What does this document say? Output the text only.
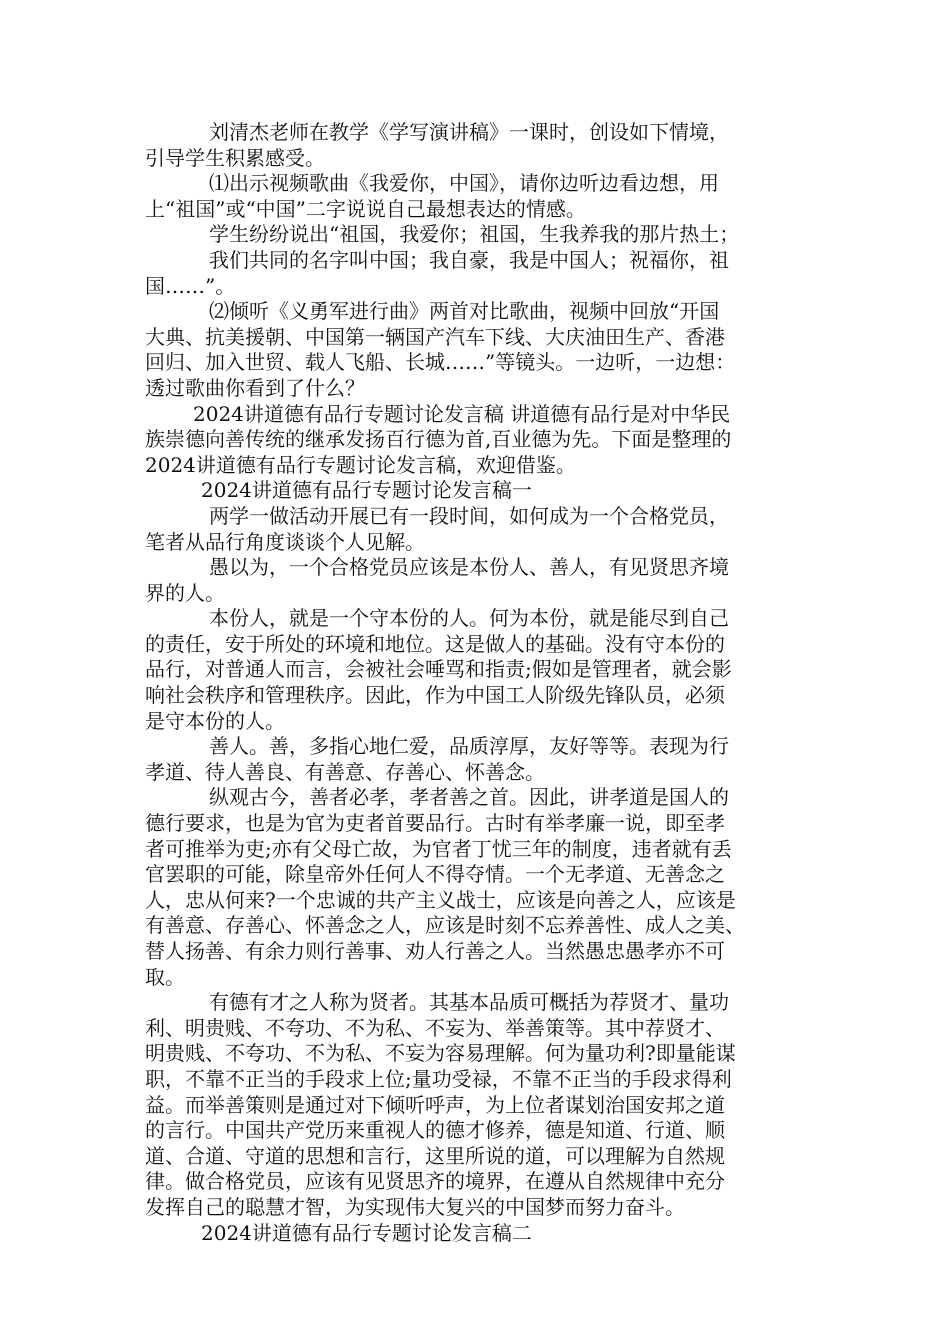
刘清杰老师在教学《学写演讲稿》一课时，创设如下情境，
引导学生积累感受。
⑴出示视频歌曲《我爱你，中国》，请你边听边看边想，用
上“祖国”或“中国”二字说说自己最想表达的情感。
学生纷纷说出“祖国，我爱你；祖国，生我养我的那片热土；
我们共同的名字叫中国；我自豪，我是中国人；祝福你，祖
国……”。
⑵倾听《义勇军进行曲》两首对比歌曲，视频中回放“开国
大典、抗美援朝、中国第一辆国产汽车下线、大庆油田生产、香港
回归、加入世贸、载人飞船、长城……”等镜头。一边听，一边想：
透过歌曲你看到了什么？
2024讲道德有品行专题讨论发言稿 讲道德有品行是对中华民
族崇德向善传统的继承发扬百行德为首,百业德为先。下面是整理的
2024讲道德有品行专题讨论发言稿，欢迎借鉴。
2024讲道德有品行专题讨论发言稿一
两学一做活动开展已有一段时间，如何成为一个合格党员，
笔者从品行角度谈谈个人见解。
愚以为，一个合格党员应该是本份人、善人，有见贤思齐境
界的人。
本份人，就是一个守本份的人。何为本份，就是能尽到自己
的责任，安于所处的环境和地位。这是做人的基础。没有守本份的
品行，对普通人而言，会被社会唾骂和指责;假如是管理者，就会影
响社会秩序和管理秩序。因此，作为中国工人阶级先锋队员，必须
是守本份的人。
善人。善，多指心地仁爱，品质淳厚，友好等等。表现为行
孝道、待人善良、有善意、存善心、怀善念。
纵观古今，善者必孝，孝者善之首。因此，讲孝道是国人的
德行要求，也是为官为吏者首要品行。古时有举孝廉一说，即至孝
者可推举为吏;亦有父母亡故，为官者丁忧三年的制度，违者就有丢
官罢职的可能，除皇帝外任何人不得夺情。一个无孝道、无善念之
人，忠从何来?一个忠诚的共产主义战士，应该是向善之人，应该是
有善意、存善心、怀善念之人，应该是时刻不忘养善性、成人之美、
替人扬善、有余力则行善事、劝人行善之人。当然愚忠愚孝亦不可
取。
有德有才之人称为贤者。其基本品质可概括为荐贤才、量功
利、明贵贱、不夸功、不为私、不妄为、举善策等。其中荐贤才、
明贵贱、不夸功、不为私、不妄为容易理解。何为量功利?即量能谋
职，不靠不正当的手段求上位;量功受禄，不靠不正当的手段求得利
益。而举善策则是通过对下倾听呼声，为上位者谋划治国安邦之道
的言行。中国共产党历来重视人的德才修养，德是知道、行道、顺
道、合道、守道的思想和言行，这里所说的道，可以理解为自然规
律。做合格党员，应该有见贤思齐的境界，在遵从自然规律中充分
发挥自己的聪慧才智，为实现伟大复兴的中国梦而努力奋斗。
2024讲道德有品行专题讨论发言稿二
